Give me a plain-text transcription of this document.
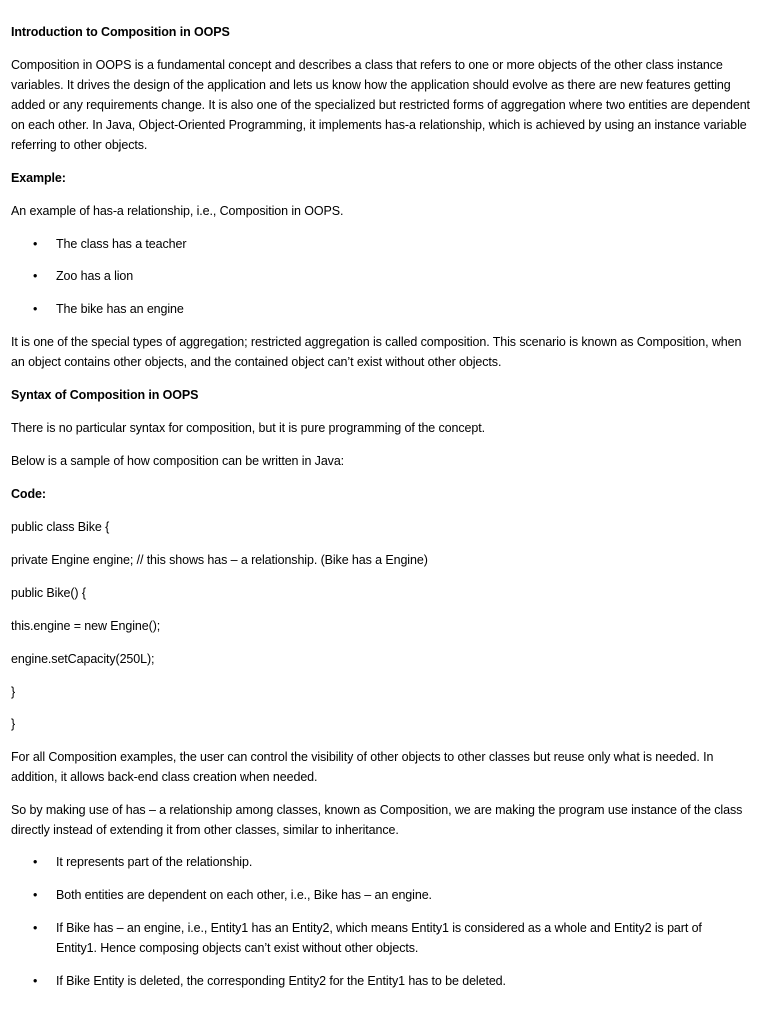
Introduction to Composition in OOPS
Composition in OOPS is a fundamental concept and describes a class that refers to one or more objects of the other class instance variables. It drives the design of the application and lets us know how the application should evolve as there are new features getting added or any requirements change. It is also one of the specialized but restricted forms of aggregation where two entities are dependent on each other. In Java, Object-Oriented Programming, it implements has-a relationship, which is achieved by using an instance variable referring to other objects.
Example:
An example of has-a relationship, i.e., Composition in OOPS.
• The class has a teacher
• Zoo has a lion
• The bike has an engine
It is one of the special types of aggregation; restricted aggregation is called composition. This scenario is known as Composition, when an object contains other objects, and the contained object can’t exist without other objects.
Syntax of Composition in OOPS
There is no particular syntax for composition, but it is pure programming of the concept.
Below is a sample of how composition can be written in Java:
Code:
public class Bike {
private Engine engine; // this shows has – a relationship. (Bike has a Engine)
public Bike() {
this.engine = new Engine();
engine.setCapacity(250L);
}
}
For all Composition examples, the user can control the visibility of other objects to other classes but reuse only what is needed. In addition, it allows back-end class creation when needed.
So by making use of has – a relationship among classes, known as Composition, we are making the program use instance of the class directly instead of extending it from other classes, similar to inheritance.
• It represents part of the relationship.
• Both entities are dependent on each other, i.e., Bike has – an engine.
• If Bike has – an engine, i.e., Entity1 has an Entity2, which means Entity1 is considered as a whole and Entity2 is part of Entity1. Hence composing objects can’t exist without other objects.
• If Bike Entity is deleted, the corresponding Entity2 for the Entity1 has to be deleted.
